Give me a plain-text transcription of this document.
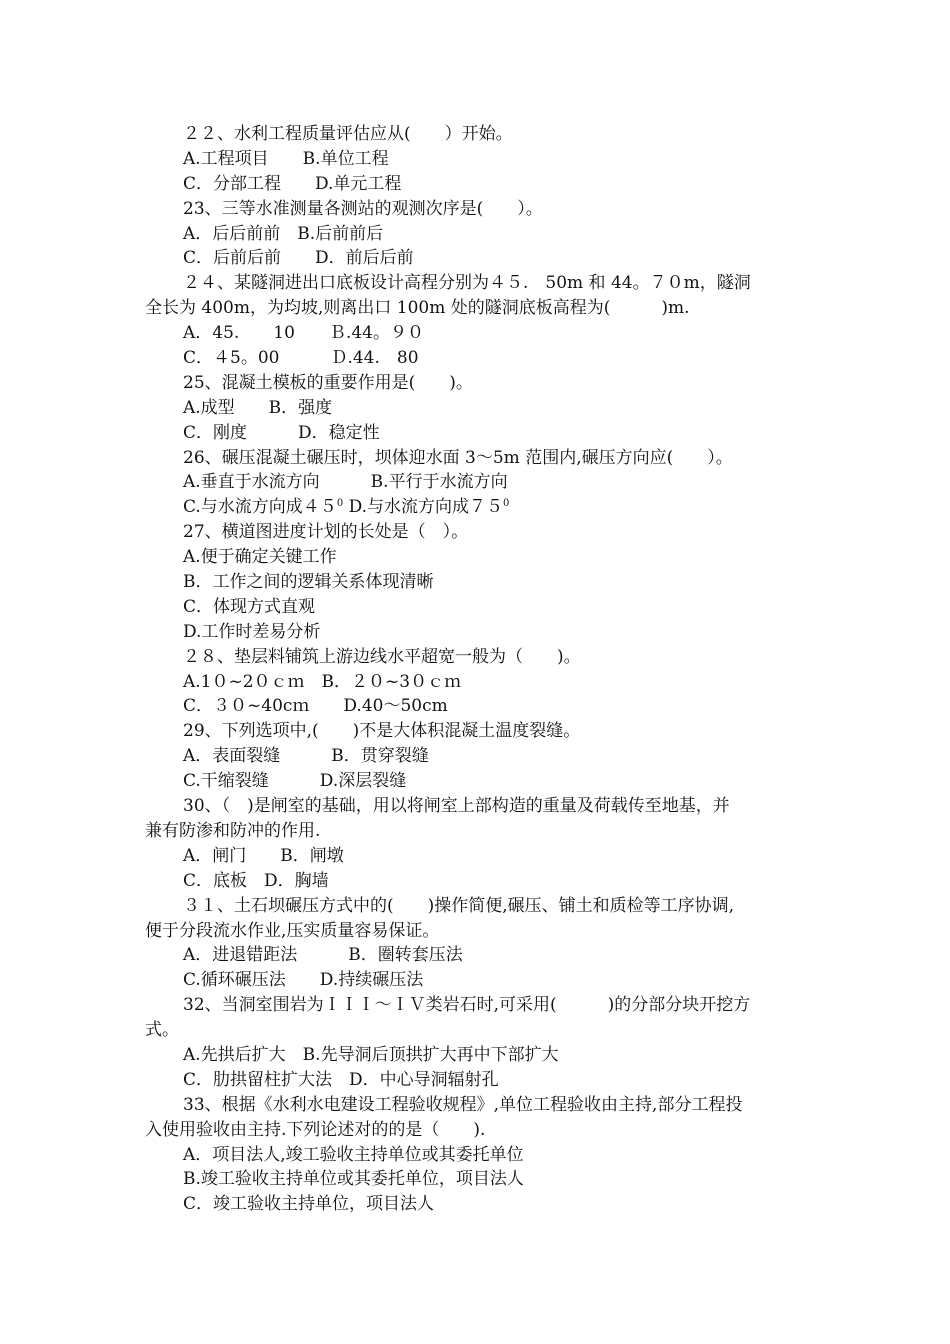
２２、水利工程质量评估应从(　　）开始。
A.工程项目　　B.单位工程
C．分部工程　　D.单元工程
23、三等水准测量各测站的观测次序是(　　）。
A．后后前前　B.后前前后
C．后前后前　　D．前后后前
２４、某隧洞进出口底板设计高程分别为４５.　50m 和 44。７０m，隧洞
全长为 400m，为均坡,则离出口 100m 处的隧洞底板高程为(　　　)m.
A．45.　　10　　Ｂ.44。９０
C．４5。00　　　Ｄ.44.　80
25、混凝土模板的重要作用是(　　)。
A.成型　　B．强度
C．刚度　　　D．稳定性
26、碾压混凝土碾压时，坝体迎水面 3～5m 范围内,碾压方向应(　　）。
A.垂直于水流方向　　　B.平行于水流方向
C.与水流方向成$45^0$ D.与水流方向成$75^0$
27、横道图进度计划的长处是（　）。
A.便于确定关键工作
B．工作之间的逻辑关系体现清晰
C．体现方式直观
D.工作时差易分析
２８、垫层料铺筑上游边线水平超宽一般为（　　)。
A.1０~2０ｃｍ　B．２０~3０ｃｍ
C．３０~40cｍ　　D.40～50cm
29、下列选项中,(　　)不是大体积混凝土温度裂缝。
A．表面裂缝　　　B．贯穿裂缝
C.干缩裂缝　　　D.深层裂缝
30、（　)是闸室的基础，用以将闸室上部构造的重量及荷载传至地基，并
兼有防渗和防冲的作用.
A．闸门　　B．闸墩
C．底板　D．胸墙
３１、土石坝碾压方式中的(　　)操作简便,碾压、铺土和质检等工序协调,
便于分段流水作业,压实质量容易保证。
A．进退错距法　　　B．圈转套压法
C.循环碾压法　　D.持续碾压法
32、当洞室围岩为ＩＩＩ～ＩＶ类岩石时,可采用(　　　)的分部分块开挖方
式。
A.先拱后扩大　B.先导洞后顶拱扩大再中下部扩大
C．肋拱留柱扩大法　D．中心导洞辐射孔
33、根据《水利水电建设工程验收规程》,单位工程验收由主持,部分工程投
入使用验收由主持.下列论述对的的是（　　).
A．项目法人,竣工验收主持单位或其委托单位
B.竣工验收主持单位或其委托单位，项目法人
C．竣工验收主持单位，项目法人
